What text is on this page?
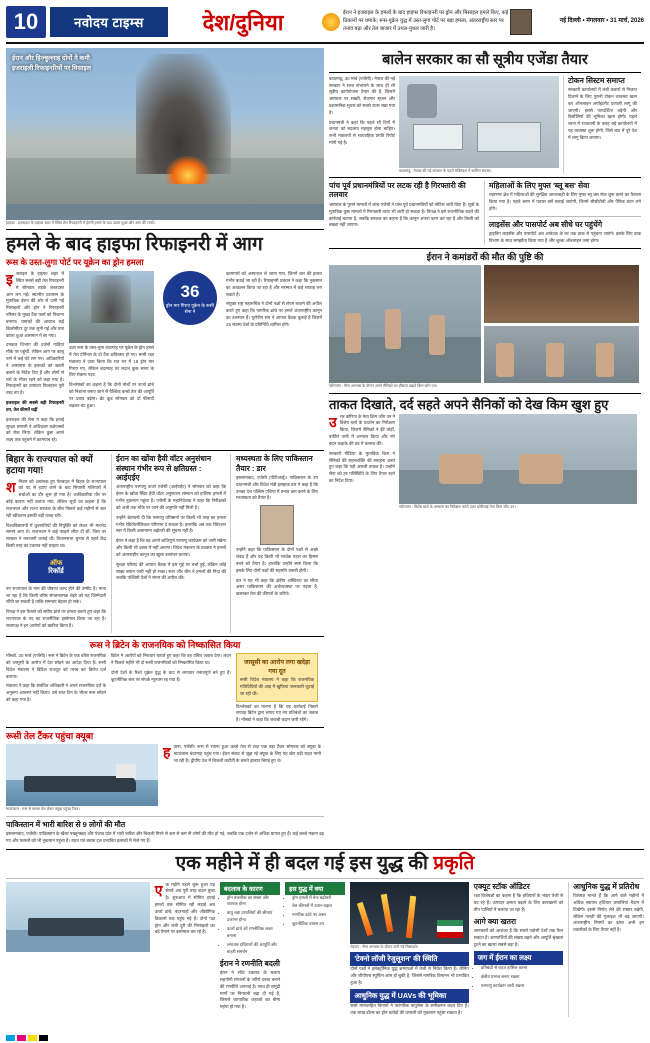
10	नवोदय टाइम्स	देश/दुनिया	ईरान ने इजराइल के हमलों के बाद हाइफा रिफाइनरी पर ड्रोन और मिसाइल हमले किए, कई ठिकानों पर धमाके; रूस-यूक्रेन युद्ध में उस्त-लुगा पोर्ट पर बड़ा हमला, अंतरराष्ट्रीय स्तर पर तनाव बढ़ा और तेल बाजार में उथल-पुथल जारी है।
नई दिल्ली • मंगलवार • 31 मार्च, 2026
ईरान और हिज्बुल्लाह दोनों ने कमी इजराइली रिफाइनरियों पर मिसाइल
हाइफा : इजराइल के हाइफा शहर में स्थित तेल रिफाइनरी में ईरानी हमले के बाद उठता धुआं और आग की लपटें।
हमले के बाद हाइफा रिफाइनरी में आग
रूस के उस्त-लुगा पोर्ट पर यूक्रेन का ड्रोन हमला
इ जराइल के हाइफा शहर में स्थित सबसे बड़ी तेल रिफाइनरी में सोमवार तड़के जबरदस्त आग लग गई। स्थानीय प्रशासन के मुताबिक ईरान की ओर से दागी गई मिसाइलों और ड्रोन ने रिफाइनरी परिसर के मुख्य टैंक फार्म को निशाना बनाया। धमाकों की आवाज कई किलोमीटर दूर तक सुनी गई और घना काला धुआं आसमान में छा गया।

दमकल विभाग की दर्जनों गाड़ियां मौके पर पहुंचीं, लेकिन आग पर काबू पाने में कई घंटे लग गए। अधिकारियों ने आसपास के इलाकों को खाली कराने के निर्देश दिए हैं और लोगों से घरों के भीतर रहने को कहा गया है। रिफाइनरी का उत्पादन फिलहाल पूरी तरह ठप है।

इजराइल की सबसे बड़ी रिफाइनरी ठप, तेल कीमतें चढ़ीं

इजराइल की सेना ने कहा कि हवाई सुरक्षा प्रणाली ने अधिकतर प्रक्षेपास्त्रों को रोक लिया, लेकिन कुछ अपने लक्ष्य तक पहुंचने में कामयाब रहे।

उधर रूस के उस्त-लुगा बंदरगाह पर यूक्रेन के ड्रोन हमले में तेल टर्मिनल के दो टैंक क्षतिग्रस्त हो गए। रूसी रक्षा मंत्रालय ने दावा किया कि रात भर में 18 ड्रोन मार गिराए गए, लेकिन बंदरगाह पर लदान कुछ समय के लिए रोकना पड़ा।

विश्लेषकों का कहना है कि दोनों मोर्चों पर ऊर्जा ढांचे को निशाना बनाए जाने से वैश्विक कच्चे तेल की आपूर्ति पर दबाव बढ़ेगा। ब्रेंट क्रूड सोमवार को दो फीसदी चढ़कर बंद हुआ।

36
ड्रोन मार गिराए यूक्रेन के रूसी सेना ने

कामगारों को अस्पताल ले जाया गया, जिनमें चार की हालत गंभीर बताई जा रही है। रिफाइनरी प्रबंधन ने कहा कि नुकसान का आकलन किया जा रहा है और मरम्मत में कई सप्ताह लग सकते हैं।

संयुक्त राष्ट्र महासचिव ने दोनों पक्षों से संयम बरतने की अपील करते हुए कहा कि नागरिक ढांचे पर हमले अंतरराष्ट्रीय कानून का उल्लंघन हैं। यूरोपीय संघ ने आपात बैठक बुलाई है जिसमें 25 सदस्य देशों के प्रतिनिधि शामिल होंगे।

बिहार के राज्यपाल को क्यों हटाया गया!
श निवार को अचानक हुए फेरबदल में बिहार के राज्यपाल को पद से हटाए जाने के बाद सियासी गलियारों में चर्चाओं का दौर शुरू हो गया है। आधिकारिक तौर पर कोई कारण नहीं बताया गया, लेकिन सूत्रों का कहना है कि राजभवन और राज्य सरकार के बीच पिछले कई महीनों से चल रही खींचतान इसकी बड़ी वजह रही।

विश्वविद्यालयों में कुलपतियों की नियुक्ति को लेकर भी मतभेद सामने आए थे। राजभवन ने कई फाइलें लौटा दी थीं, जिस पर सरकार ने नाराजगी जताई थी। विधानसभा चुनाव से पहले केंद्र किसी तरह का टकराव नहीं चाहता था।

ऑफ
रिकॉर्ड

नए राज्यपाल के नाम की घोषणा जल्द होने की उम्मीद है। माना जा रहा है कि किसी वरिष्ठ संगठनात्मक चेहरे को यह जिम्मेदारी सौंपी जा सकती है ताकि समन्वय बेहतर हो सके।

विपक्ष ने इस फैसले को संघीय ढांचे पर हमला बताते हुए कहा कि राज्यपाल के पद का राजनीतिक इस्तेमाल किया जा रहा है। सत्तापक्ष ने इन आरोपों को खारिज किया है।

ईरान का खोंवा हैवी वॉटर अनुसंधान संस्थान गंभीर रूप से क्षतिग्रस्त : आईएईए

अंतरराष्ट्रीय परमाणु ऊर्जा एजेंसी (आईएईए) ने सोमवार को कहा कि ईरान के खोंवा स्थित हैवी वॉटर अनुसंधान संस्थान को हालिया हमलों में गंभीर नुकसान पहुंचा है। एजेंसी के महानिदेशक ने कहा कि निरीक्षकों को अभी तक मौके पर जाने की अनुमति नहीं मिली है।

उन्होंने चेतावनी दी कि परमाणु प्रतिष्ठानों पर किसी भी तरह का हमला गंभीर रेडियोलॉजिकल परिणाम दे सकता है। हालांकि अब तक रेडिएशन स्तर में किसी असामान्य बढ़ोतरी की सूचना नहीं है।

ईरान ने कहा है कि वह अपने शांतिपूर्ण परमाणु कार्यक्रम को जारी रखेगा और किसी भी दबाव में नहीं आएगा। विदेश मंत्रालय के प्रवक्ता ने हमलों को अंतरराष्ट्रीय कानून का खुला उल्लंघन बताया।

सुरक्षा परिषद की आपात बैठक में इस मुद्दे पर चर्चा हुई, लेकिन कोई साझा बयान जारी नहीं हो सका। रूस और चीन ने हमलों की निंदा की जबकि पश्चिमी देशों ने संयम की अपील की।

मध्यस्थता के लिए पाकिस्तान तैयार : डार

इस्लामाबाद, एजेंसी (पीटीआई)। पाकिस्तान के उप प्रधानमंत्री और विदेश मंत्री इसहाक डार ने कहा है कि उनका देश पश्चिम एशिया में तनाव कम करने के लिए मध्यस्थता को तैयार है।

उन्होंने कहा कि पाकिस्तान के दोनों पक्षों से अच्छे संबंध हैं और वह किसी भी सार्थक पहल का हिस्सा बनने को तैयार है। हालांकि उन्होंने स्पष्ट किया कि इसके लिए दोनों पक्षों की सहमति जरूरी होगी।

डार ने यह भी कहा कि क्षेत्रीय अस्थिरता का सीधा असर पाकिस्तान की अर्थव्यवस्था पर पड़ता है, खासकर तेल की कीमतों के जरिये।

रूस ने ब्रिटेन के राजनयिक को निष्कासित किया

मॉस्को, 30 मार्च (एजेंसी)। रूस ने ब्रिटेन के एक वरिष्ठ राजनयिक को जासूसी के आरोप में देश छोड़ने का आदेश दिया है। रूसी विदेश मंत्रालय ने ब्रिटिश राजदूत को तलब कर विरोध दर्ज कराया।

मंत्रालय ने कहा कि संबंधित अधिकारी ने अपने राजनयिक दर्जे के अनुरूप आचरण नहीं किया। उसे सात दिन के भीतर रूस छोड़ने को कहा गया है।

ब्रिटेन ने आरोपों को निराधार बताते हुए कहा कि वह उचित जवाब देगा। लंदन ने पिछले महीने भी दो रूसी राजनयिकों को निष्कासित किया था।

दोनों देशों के रिश्ते यूक्रेन युद्ध के बाद से लगातार तनावपूर्ण बने हुए हैं। कूटनीतिक स्तर पर संपर्क न्यूनतम रह गया है।

जासूसी का आरोप लगा खदेड़ा गया दूत
रूसी विदेश मंत्रालय ने कहा कि राजनयिक गतिविधियों की आड़ में खुफिया जानकारी जुटाई जा रही थी।
विश्लेषकों का मानना है कि यह कार्रवाई पिछले सप्ताह ब्रिटेन द्वारा लगाए गए नए प्रतिबंधों का जवाब है। मॉस्को ने कहा कि जवाबी कदम जारी रहेंगे।
रूसी तेल टैंकर पहुंचा क्यूबा
मातांजास : रूस से कच्चा तेल लेकर क्यूबा पहुंचा टैंकर।
ह वाना, एजेंसी। रूस से रवाना हुआ कच्चे तेल से लदा एक बड़ा टैंकर सोमवार को क्यूबा के मातांजास बंदरगाह पहुंच गया। ईंधन संकट से जूझ रहे क्यूबा के लिए यह खेप बड़ी राहत मानी जा रही है। द्वीपीय देश में बिजली कटौती के चलते हालात बिगड़े हुए थे।

पाकिस्तान में भारी बारिश से 9 लोगों की मौत
इस्लामाबाद, एजेंसी। पाकिस्तान के खैबर पख्तूनख्वा और पंजाब प्रांत में भारी बारिश और बिजली गिरने से कम से कम नौ लोगों की मौत हो गई, जबकि एक दर्जन से अधिक घायल हुए हैं। कई कच्चे मकान ढह गए और फसलों को भी नुकसान पहुंचा है। राहत एवं बचाव दल प्रभावित इलाकों में भेजे गए हैं।
बालेन सरकार का सौ सूत्रीय एजेंडा तैयार

काठमांडू, 30 मार्च (एजेंसी)। नेपाल की नई सरकार ने सत्ता संभालने के साथ ही सौ सूत्रीय कार्ययोजना तैयार की है, जिसमें भ्रष्टाचार पर सख्ती, रोजगार सृजन और प्रशासनिक सुधार को सबसे ऊपर रखा गया है।

प्रधानमंत्री ने कहा कि पहले सौ दिनों में जनता को बदलाव महसूस होना चाहिए। सभी मंत्रालयों से साप्ताहिक प्रगति रिपोर्ट मांगी गई है।

काठमांडू : नेपाल की नई सरकार के पहले मंत्रिमंडल में शामिल सदस्य।
टोकन सिस्टम समाप्त
सरकारी कार्यालयों में लंबी कतारों से निजात दिलाने के लिए पुरानी टोकन व्यवस्था खत्म कर ऑनलाइन अपॉइंटमेंट प्रणाली लागू की जाएगी। इससे पारदर्शिता बढ़ेगी और बिचौलियों की भूमिका खत्म होगी। पहले चरण में राजधानी के बारह बड़े कार्यालयों में यह व्यवस्था शुरू होगी, जिसे बाद में पूरे देश में लागू किया जाएगा।
पांच पूर्व प्रधानमंत्रियों पर लटक रही है गिरफ्तारी की तलवार
भ्रष्टाचार के पुराने मामलों में जांच एजेंसी ने पांच पूर्व प्रधानमंत्रियों को नोटिस जारी किए हैं। सूत्रों के मुताबिक कुछ मामलों में गिरफ्तारी वारंट भी जारी हो सकता है। विपक्ष ने इसे राजनीतिक बदले की कार्रवाई बताया है, जबकि सरकार का कहना है कि कानून अपना काम कर रहा है और किसी को बख्शा नहीं जाएगा।
महिलाओं के लिए मुफ्त 'ब्लू बस' सेवा
महानगर क्षेत्र में महिलाओं की सुरक्षित आवाजाही के लिए मुफ्त ब्लू बस सेवा शुरू करने का फैसला किया गया है। पहले चरण में पचास बसें चलाई जाएंगी, जिनमें सीसीटीवी और पैनिक बटन लगे होंगे।
लाइसेंस और पासपोर्ट अब सीधे घर पहुंचेंगे
ड्राइविंग लाइसेंस और पासपोर्ट अब आवेदक के घर तक डाक से पहुंचाए जाएंगे। इसके लिए डाक विभाग के साथ समझौता किया गया है और शुल्क ऑनलाइन जमा होगा।
ईरान ने कमांडरों की मौत की पुष्टि की
प्योंगयांग : सैन्य अभ्यास के दौरान अपने सैनिकों का हौसला बढ़ाते किम जोंग उन।
ताकत दिखाते, दर्द सहते अपने सैनिकों को देख किम खुश हुए
उ त्तर कोरिया के नेता किम जोंग उन ने विशेष बलों के प्रदर्शन का निरीक्षण किया, जिसमें सैनिकों ने ईंटें तोड़ीं, बर्फीले पानी में अभ्यास किया और नंगे बदन कड़ाके की ठंड में कसरत की।

सरकारी मीडिया के मुताबिक किम ने सैनिकों की सहनशक्ति की सराहना करते हुए कहा कि यही असली ताकत है। उन्होंने सेना को हर परिस्थिति के लिए तैयार रहने का निर्देश दिया।

प्योंगयांग : विशेष बलों के अभ्यास का निरीक्षण करते उत्तर कोरियाई नेता किम जोंग उन।
एक महीने में ही बदल गई इस युद्ध की प्रकृति
ए क महीने पहले शुरू हुआ यह संघर्ष अब पूरी तरह बदल चुका है। शुरुआत में सीमित हवाई हमलों तक सीमित रही लड़ाई अब ऊर्जा ढांचे, बंदरगाहों और औद्योगिक ठिकानों तक पहुंच गई है। दोनों पक्ष ड्रोन और लंबी दूरी की मिसाइलों का बड़े पैमाने पर इस्तेमाल कर रहे हैं।

बदलाव के कारण
• ड्रोन तकनीक का सस्ता और व्यापक होना
• वायु रक्षा प्रणालियों की सीमाएं उजागर होना
• ऊर्जा ढांचे को रणनीतिक लक्ष्य बनाना
• लगातार हथियारों की आपूर्ति और बाहरी समर्थन
ईरान ने रणनीति बदली
ईरान ने सीधे टकराव के बजाय सहयोगी संगठनों के जरिये दबाव बनाने की रणनीति अपनाई है। साथ ही समुद्री मार्गों पर निगरानी बढ़ा दी गई है, जिससे व्यापारिक जहाजों का बीमा महंगा हो गया है।
इस युद्ध में क्या
• ड्रोन हमलों में तेज बढ़ोतरी
• तेल कीमतों में उतार-चढ़ाव
• नागरिक ढांचे पर असर
• कूटनीतिक प्रयास ठप
तेहरान : सैन्य अभ्यास के दौरान दागी गईं मिसाइलें।
'टेक्नो लॉजी रेजुलूशन' की स्थिति
दोनों पक्षों ने इलेक्ट्रॉनिक युद्ध क्षमताओं में तेजी से निवेश किया है। जैमिंग और जीपीएस स्पूफिंग आम हो चुकी है, जिससे नागरिक विमानन भी प्रभावित हुआ है।
आधुनिक युद्ध में UAVs की भूमिका
सस्ते मानवरहित विमानों ने पारंपरिक वायुसेना के समीकरण बदल दिए हैं। एक लाख डॉलर का ड्रोन करोड़ों की प्रणाली को नुकसान पहुंचा सकता है।
एक्यूट स्टॉक ऑडिटर
रक्षा विशेषज्ञों का कहना है कि हथियारों के भंडार तेजी से घट रहे हैं। उत्पादन क्षमता बढ़ाने के लिए कारखानों को तीन पालियों में चलाया जा रहा है।
आगे क्या खतरा
जानकारों को आशंका है कि संघर्ष पड़ोसी देशों तक फैल सकता है। शरणार्थियों की संख्या बढ़ने और आपूर्ति श्रृंखला टूटने का खतरा सबसे बड़ा है।
जग में ईरान का लक्ष्य
• प्रतिबंधों से राहत हासिल करना
• क्षेत्रीय प्रभाव बनाए रखना
• परमाणु कार्यक्रम जारी रखना
आधुनिक युद्ध में प्रतिरोध
विशेषज्ञ मानते हैं कि आने वाले महीनों में अधिक स्वायत्त हथियार प्रणालियां मैदान में दिखेंगी। इससे निर्णय लेने की रफ्तार बढ़ेगी, लेकिन गलती की गुंजाइश भी बढ़ जाएगी। अंतरराष्ट्रीय नियमों का ढांचा अभी इन तकनीकों के लिए तैयार नहीं है।
